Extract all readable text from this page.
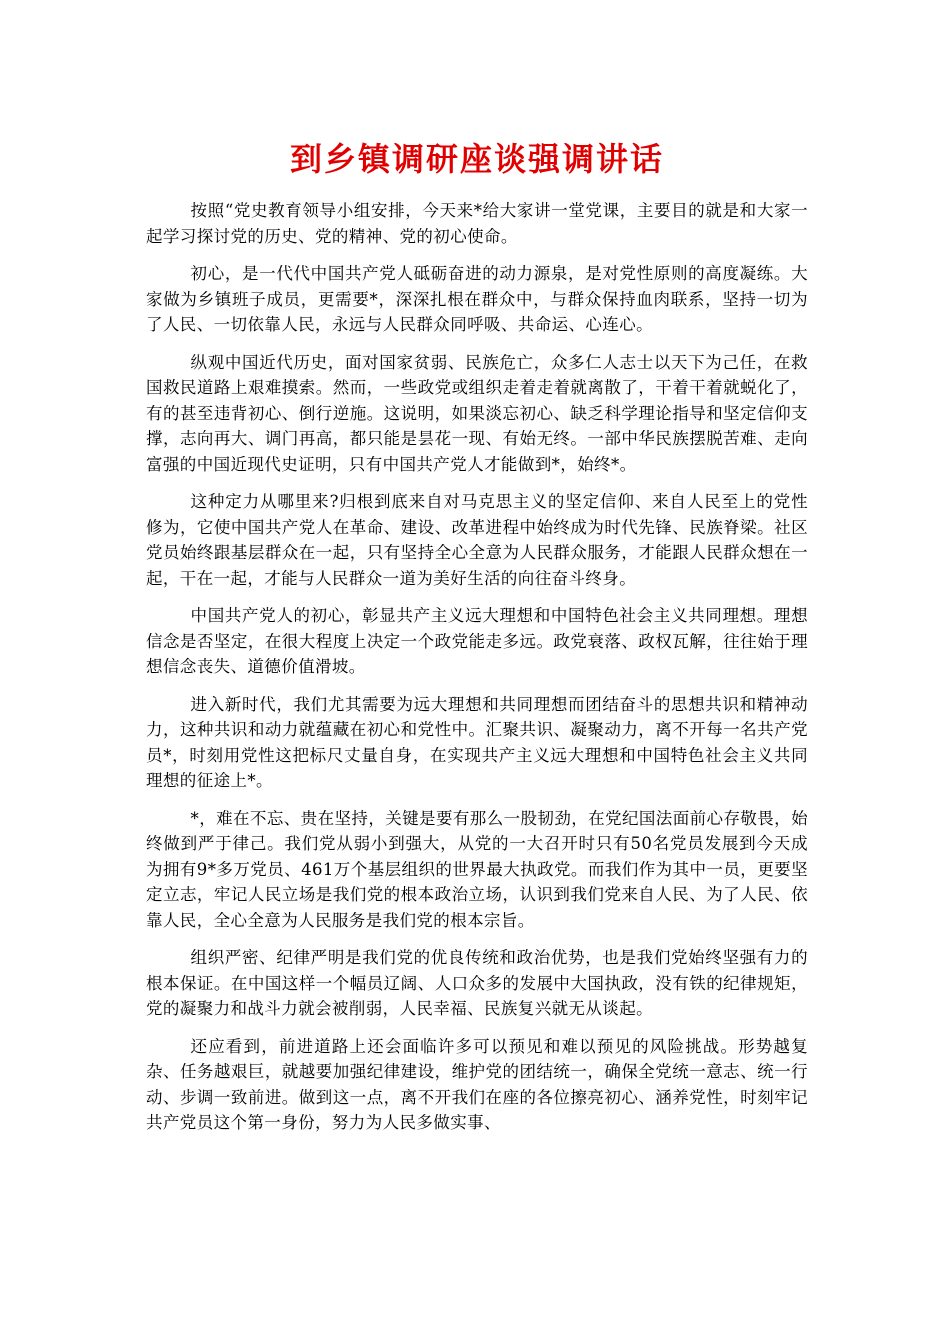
到乡镇调研座谈强调讲话

按照“党史教育领导小组安排，今天来*给大家讲一堂党课，主要目的就是和大家一起学习探讨党的历史、党的精神、党的初心使命。

初心，是一代代中国共产党人砥砺奋进的动力源泉，是对党性原则的高度凝练。大家做为乡镇班子成员，更需要*，深深扎根在群众中，与群众保持血肉联系，坚持一切为了人民、一切依靠人民，永远与人民群众同呼吸、共命运、心连心。

纵观中国近代历史，面对国家贫弱、民族危亡，众多仁人志士以天下为己任，在救国救民道路上艰难摸索。然而，一些政党或组织走着走着就离散了，干着干着就蜕化了，有的甚至违背初心、倒行逆施。这说明，如果淡忘初心、缺乏科学理论指导和坚定信仰支撑，志向再大、调门再高，都只能是昙花一现、有始无终。一部中华民族摆脱苦难、走向富强的中国近现代史证明，只有中国共产党人才能做到*，始终*。

这种定力从哪里来?归根到底来自对马克思主义的坚定信仰、来自人民至上的党性修为，它使中国共产党人在革命、建设、改革进程中始终成为时代先锋、民族脊梁。社区党员始终跟基层群众在一起，只有坚持全心全意为人民群众服务，才能跟人民群众想在一起，干在一起，才能与人民群众一道为美好生活的向往奋斗终身。

中国共产党人的初心，彰显共产主义远大理想和中国特色社会主义共同理想。理想信念是否坚定，在很大程度上决定一个政党能走多远。政党衰落、政权瓦解，往往始于理想信念丧失、道德价值滑坡。

进入新时代，我们尤其需要为远大理想和共同理想而团结奋斗的思想共识和精神动力，这种共识和动力就蕴藏在初心和党性中。汇聚共识、凝聚动力，离不开每一名共产党员*，时刻用党性这把标尺丈量自身，在实现共产主义远大理想和中国特色社会主义共同理想的征途上*。

*，难在不忘、贵在坚持，关键是要有那么一股韧劲，在党纪国法面前心存敬畏，始终做到严于律己。我们党从弱小到强大，从党的一大召开时只有50名党员发展到今天成为拥有9*多万党员、461万个基层组织的世界最大执政党。而我们作为其中一员，更要坚定立志，牢记人民立场是我们党的根本政治立场，认识到我们党来自人民、为了人民、依靠人民，全心全意为人民服务是我们党的根本宗旨。

组织严密、纪律严明是我们党的优良传统和政治优势，也是我们党始终坚强有力的根本保证。在中国这样一个幅员辽阔、人口众多的发展中大国执政，没有铁的纪律规矩，党的凝聚力和战斗力就会被削弱，人民幸福、民族复兴就无从谈起。

还应看到，前进道路上还会面临许多可以预见和难以预见的风险挑战。形势越复杂、任务越艰巨，就越要加强纪律建设，维护党的团结统一，确保全党统一意志、统一行动、步调一致前进。做到这一点，离不开我们在座的各位擦亮初心、涵养党性，时刻牢记共产党员这个第一身份，努力为人民多做实事、
